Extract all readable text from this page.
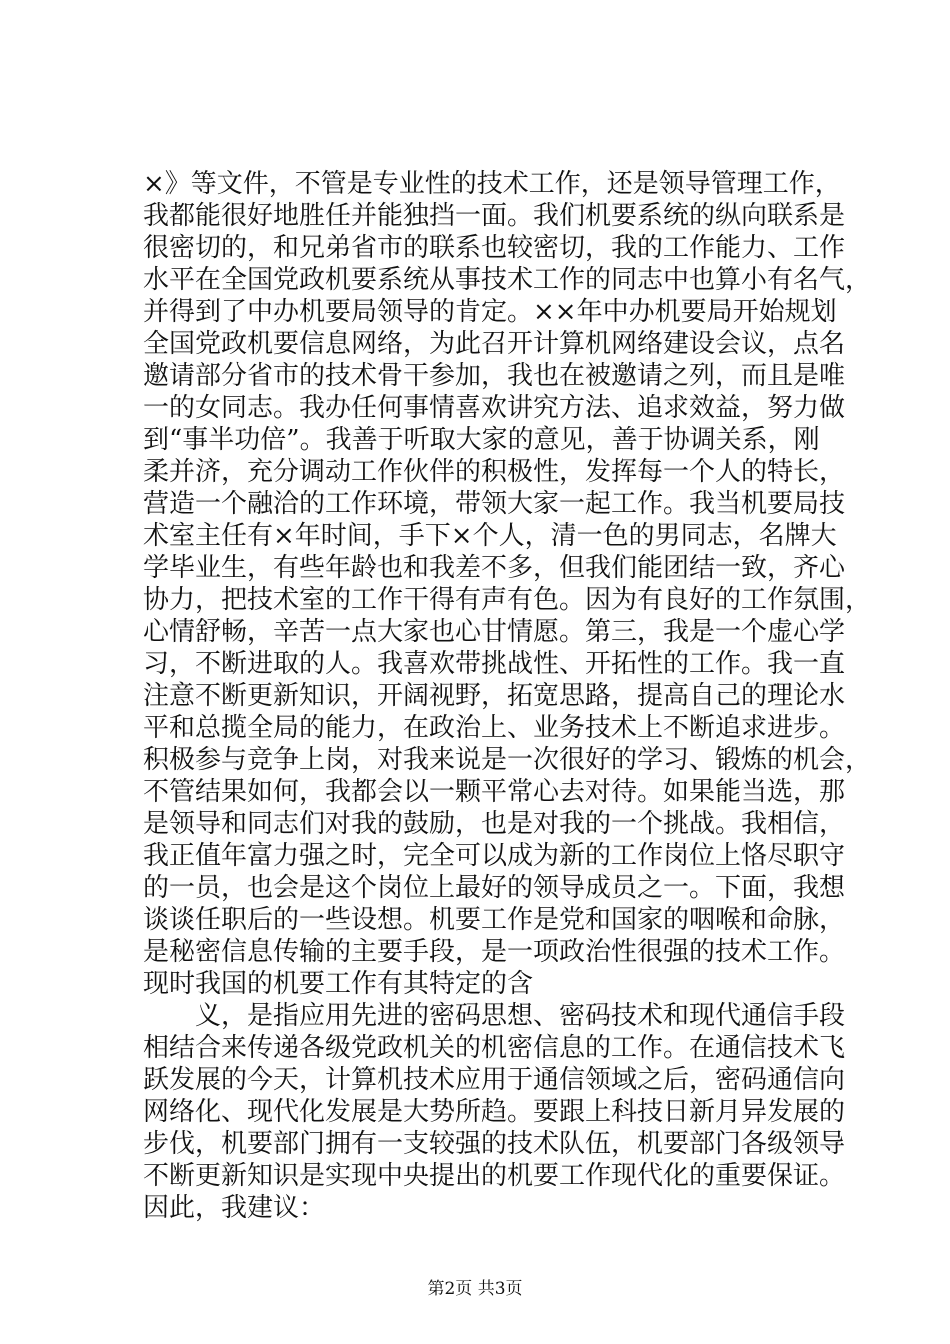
×》等文件，不管是专业性的技术工作，还是领导管理工作，
我都能很好地胜任并能独挡一面。我们机要系统的纵向联系是
很密切的，和兄弟省市的联系也较密切，我的工作能力、工作
水平在全国党政机要系统从事技术工作的同志中也算小有名气，
并得到了中办机要局领导的肯定。××年中办机要局开始规划
全国党政机要信息网络，为此召开计算机网络建设会议，点名
邀请部分省市的技术骨干参加，我也在被邀请之列，而且是唯
一的女同志。我办任何事情喜欢讲究方法、追求效益，努力做
到“事半功倍”。我善于听取大家的意见，善于协调关系，刚
柔并济，充分调动工作伙伴的积极性，发挥每一个人的特长，
营造一个融洽的工作环境，带领大家一起工作。我当机要局技
术室主任有×年时间，手下×个人，清一色的男同志，名牌大
学毕业生，有些年龄也和我差不多，但我们能团结一致，齐心
协力，把技术室的工作干得有声有色。因为有良好的工作氛围，
心情舒畅，辛苦一点大家也心甘情愿。第三，我是一个虚心学
习，不断进取的人。我喜欢带挑战性、开拓性的工作。我一直
注意不断更新知识，开阔视野，拓宽思路，提高自己的理论水
平和总揽全局的能力，在政治上、业务技术上不断追求进步。
积极参与竞争上岗，对我来说是一次很好的学习、锻炼的机会，
不管结果如何，我都会以一颗平常心去对待。如果能当选，那
是领导和同志们对我的鼓励，也是对我的一个挑战。我相信，
我正值年富力强之时，完全可以成为新的工作岗位上恪尽职守
的一员，也会是这个岗位上最好的领导成员之一。下面，我想
谈谈任职后的一些设想。机要工作是党和国家的咽喉和命脉，
是秘密信息传输的主要手段，是一项政治性很强的技术工作。
现时我国的机要工作有其特定的含
义，是指应用先进的密码思想、密码技术和现代通信手段
相结合来传递各级党政机关的机密信息的工作。在通信技术飞
跃发展的今天，计算机技术应用于通信领域之后，密码通信向
网络化、现代化发展是大势所趋。要跟上科技日新月异发展的
步伐，机要部门拥有一支较强的技术队伍，机要部门各级领导
不断更新知识是实现中央提出的机要工作现代化的重要保证。
因此，我建议：
第2页 共3页
